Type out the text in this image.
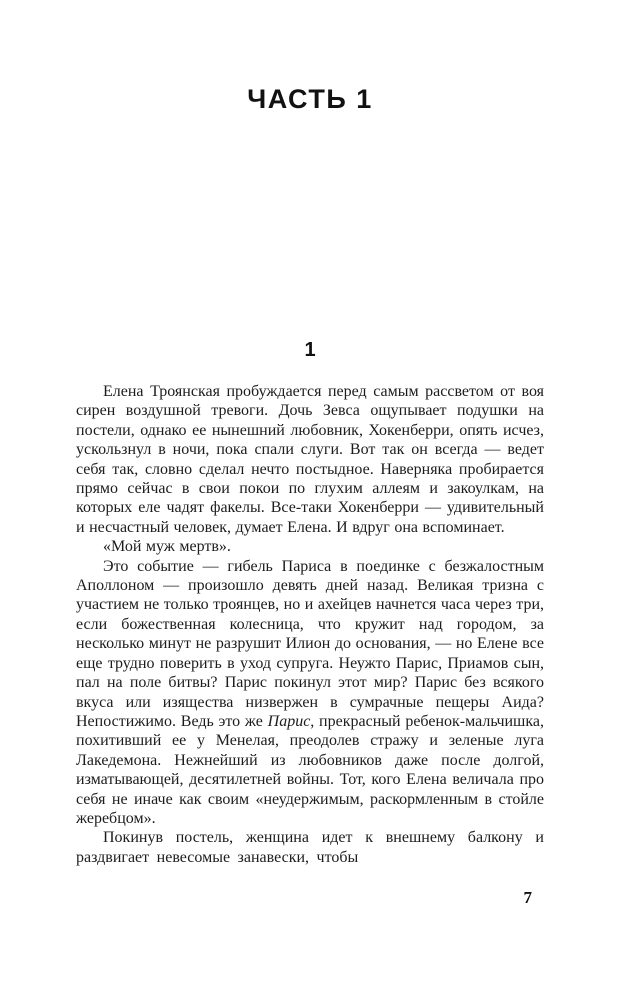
ЧАСТЬ 1
1

Елена Троянская пробуждается перед самым рассветом от воя сирен воздушной тревоги. Дочь Зевса ощупывает подушки на постели, однако ее нынешний любовник, Хокенберри, опять исчез, ускользнул в ночи, пока спали слуги. Вот так он всегда — ведет себя так, словно сделал нечто постыдное. Наверняка пробирается прямо сейчас в свои покои по глухим аллеям и закоулкам, на которых еле чадят факелы. Все-таки Хокенберри — удивительный и несчастный человек, думает Елена. И вдруг она вспоминает.

«Мой муж мертв».

Это событие — гибель Париса в поединке с безжалостным Аполлоном — произошло девять дней назад. Великая тризна с участием не только троянцев, но и ахейцев начнется часа через три, если божественная колесница, что кружит над городом, за несколько минут не разрушит Илион до основания, — но Елене все еще трудно поверить в уход супруга. Неужто Парис, Приамов сын, пал на поле битвы? Парис покинул этот мир? Парис без всякого вкуса или изящества низвержен в сумрачные пещеры Аида? Непостижимо. Ведь это же Парис, прекрасный ребенок-мальчишка, похитивший ее у Менелая, преодолев стражу и зеленые луга Лакедемона. Нежнейший из любовников даже после долгой, изматывающей, десятилетней войны. Тот, кого Елена величала про себя не иначе как своим «неудержимым, раскормленным в стойле жеребцом».

Покинув постель, женщина идет к внешнему балкону и раздвигает невесомые занавески, чтобы

7
